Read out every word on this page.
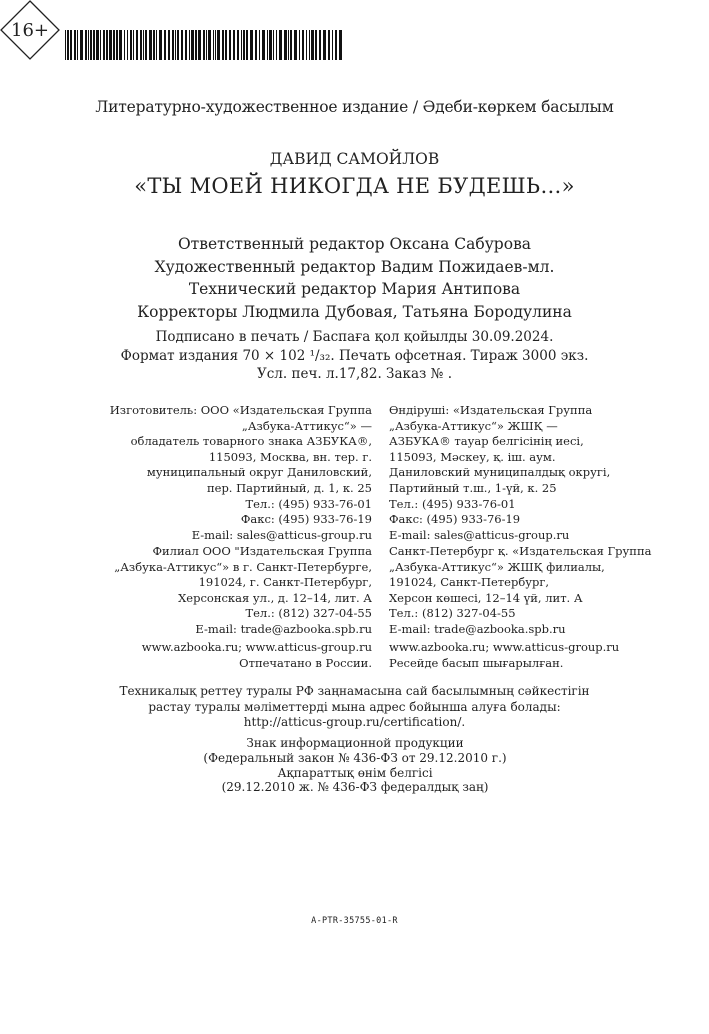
Литературно-художественное издание / Әдеби-көркем басылым
ДАВИД САМОЙЛОВ
«ТЫ МОЕЙ НИКОГДА НЕ БУДЕШЬ…»
Ответственный редактор Оксана Сабурова
Художественный редактор Вадим Пожидаев-мл.
Технический редактор Мария Антипова
Корректоры Людмила Дубовая, Татьяна Бородулина
Подписано в печать / Баспаға қол қойылды 30.09.2024.
Формат издания 70 × 102 ¹/₃₂. Печать офсетная. Тираж 3000 экз.
Усл. печ. л.17,82. Заказ № .
Изготовитель: ООО «Издательская Группа
„Азбука-Аттикус“» —
обладатель товарного знака АЗБУКА®,
115093, Москва, вн. тер. г.
муниципальный округ Даниловский,
пер. Партийный, д. 1, к. 25
Тел.: (495) 933-76-01
Факс: (495) 933-76-19
E-mail: sales@atticus-group.ru
Өндіруші: «Издательская Группа
„Азбука-Аттикус“» ЖШҚ —
АЗБУКА® тауар белгісінің иесі,
115093, Мәскеу, қ. іш. аум.
Даниловский муниципалдық округі,
Партийный т.ш., 1-үй, к. 25
Тел.: (495) 933-76-01
Факс: (495) 933-76-19
E-mail: sales@atticus-group.ru
Филиал ООО "Издательская Группа
„Азбука-Аттикус“» в г. Санкт-Петербурге,
191024, г. Санкт-Петербург,
Херсонская ул., д. 12–14, лит. А
Тел.: (812) 327-04-55
E-mail: trade@azbooka.spb.ru
Санкт-Петербург қ. «Издательская Группа
„Азбука-Аттикус“» ЖШҚ филиалы,
191024, Санкт-Петербург,
Херсон көшесі, 12–14 үй, лит. А
Тел.: (812) 327-04-55
E-mail: trade@azbooka.spb.ru
www.azbooka.ru; www.atticus-group.ru
Отпечатано в России.
www.azbooka.ru; www.atticus-group.ru
Ресейде басып шығарылған.
Техникалық реттеу туралы РФ заңнамасына сай басылымның сәйкестігін
растау туралы мәліметтерді мына адрес бойынша алуға болады:
http://atticus-group.ru/certification/.
Знак информационной продукции
(Федеральный закон № 436-ФЗ от 29.12.2010 г.)
Ақпараттық өнім белгісі
(29.12.2010 ж. № 436-ФЗ федералдық заң)
16+

A-PTR-35755-01-R
